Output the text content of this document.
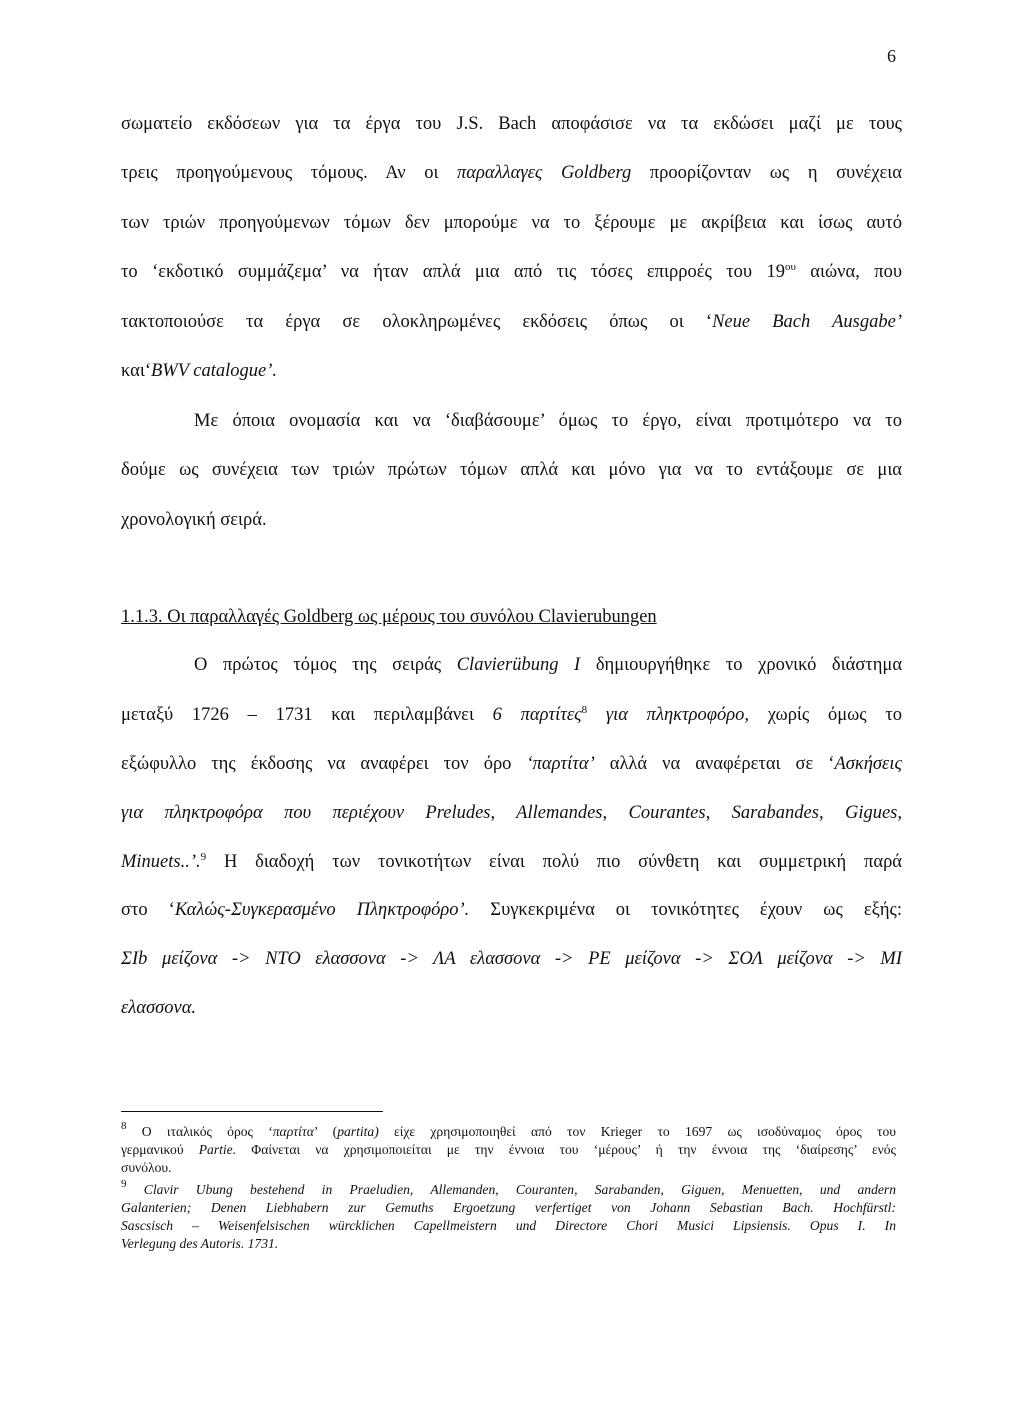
6
σωματείο εκδόσεων για τα έργα του J.S. Bach αποφάσισε να τα εκδώσει μαζί με τους
τρεις προηγούμενους τόμους. Αν οι παραλλαγες Goldberg προορίζονταν ως η συνέχεια
των τριών προηγούμενων τόμων δεν μπορούμε να το ξέρουμε με ακρίβεια και ίσως αυτό
το ‘εκδοτικό συμμάζεμα’ να ήταν απλά μια από τις τόσες επιρροές του $19^{o\upsilon}$ αιώνα, που
τακτοποιούσε τα έργα σε ολοκληρωμένες εκδόσεις όπως οι ‘Neue Bach Ausgabe’
και‘BWV catalogue’.
Με όποια ονομασία και να ‘διαβάσουμε’ όμως το έργο, είναι προτιμότερο να το
δούμε ως συνέχεια των τριών πρώτων τόμων απλά και μόνο για να το εντάξουμε σε μια
χρονολογική σειρά.
1.1.3. Οι παραλλαγές Goldberg ως μέρους του συνόλου Clavierubungen
Ο πρώτος τόμος της σειράς Clavierübung I δημιουργήθηκε το χρονικό διάστημα
μεταξύ 1726 – 1731 και περιλαμβάνει 6 παρτίτες$^8$ για πληκτροφόρο, χωρίς όμως το
εξώφυλλο της έκδοσης να αναφέρει τον όρο ‘παρτίτα’ αλλά να αναφέρεται σε ‘Ασκήσεις
για πληκτροφόρα που περιέχουν Preludes, Allemandes, Courantes, Sarabandes, Gigues,
Minuets..’.$^9$ Η διαδοχή των τονικοτήτων είναι πολύ πιο σύνθετη και συμμετρική παρά
στο ‘Καλώς-Συγκερασμένο Πληκτροφόρο’. Συγκεκριμένα οι τονικότητες έχουν ως εξής:
ΣΙb μείζονα -> ΝΤΟ ελασσονα -> ΛΑ ελασσονα -> ΡΕ μείζονα -> ΣΟΛ μείζονα -> ΜΙ
ελασσονα.
$^8$ Ο ιταλικός όρος ‘παρτίτα’ (partita) είχε χρησιμοποιηθεί από τον Krieger το 1697 ως ισοδύναμος όρος του
γερμανικού Partie. Φαίνεται να χρησιμοποιείται με την έννοια του ‘μέρους’ ή την έννοια της ‘διαίρεσης’ ενός
συνόλου.
$^9$ Clavir Ubung bestehend in Praeludien, Allemanden, Couranten, Sarabanden, Giguen, Menuetten, und andern
Galanterien; Denen Liebhabern zur Gemuths Ergoetzung verfertiget von Johann Sebastian Bach. Hochfürstl:
Sascsisch – Weisenfelsischen würcklichen Capellmeistern und Directore Chori Musici Lipsiensis. Opus I. In
Verlegung des Autoris. 1731.
